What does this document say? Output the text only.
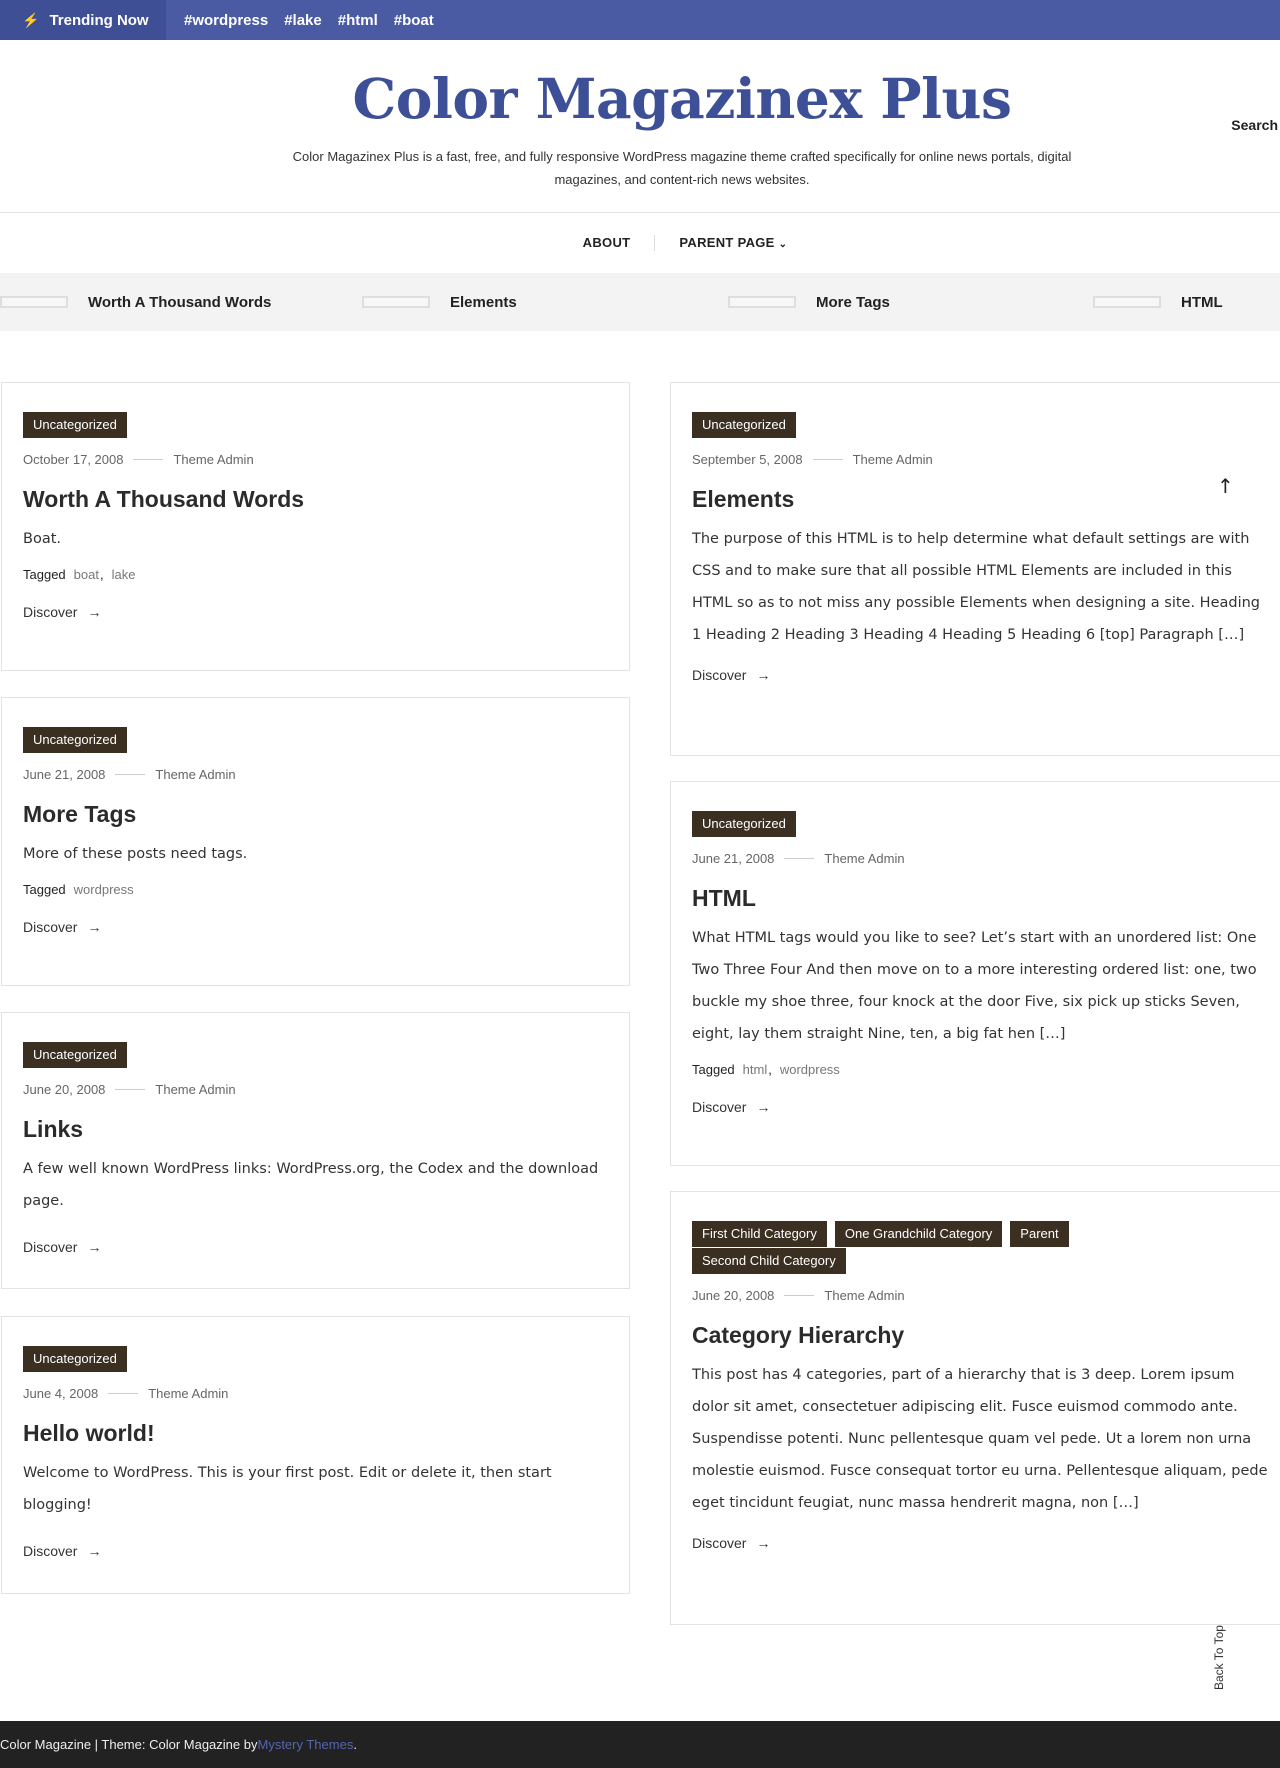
⚡ Trending Now #wordpress #lake #html #boat
Color Magazinex Plus
Color Magazinex Plus is a fast, free, and fully responsive WordPress magazine theme crafted specifically for online news portals, digital magazines, and content-rich news websites.
Search
ABOUT	PARENT PAGE ⌄
Worth A Thousand Words	Elements	More Tags	HTML
Uncategorized
October 17, 2008	Theme Admin
Worth A Thousand Words
Boat.
Tagged boat , lake
Discover →
Uncategorized
June 21, 2008	Theme Admin
More Tags
More of these posts need tags.
Tagged wordpress
Discover →
Uncategorized
June 20, 2008	Theme Admin
Links
A few well known WordPress links: WordPress.org, the Codex and the download page.
Discover →
Uncategorized
June 4, 2008	Theme Admin
Hello world!
Welcome to WordPress. This is your first post. Edit or delete it, then start blogging!
Discover →
Uncategorized
September 5, 2008	Theme Admin
Elements
The purpose of this HTML is to help determine what default settings are with CSS and to make sure that all possible HTML Elements are included in this HTML so as to not miss any possible Elements when designing a site. Heading 1 Heading 2 Heading 3 Heading 4 Heading 5 Heading 6 [top] Paragraph […]
Discover →
Uncategorized
June 21, 2008	Theme Admin
HTML
What HTML tags would you like to see? Let’s start with an unordered list: One Two Three Four And then move on to a more interesting ordered list: one, two buckle my shoe three, four knock at the door Five, six pick up sticks Seven, eight, lay them straight Nine, ten, a big fat hen […]
Tagged html , wordpress
Discover →
First Child Category	One Grandchild Category	Parent
Second Child Category
June 20, 2008	Theme Admin
Category Hierarchy
This post has 4 categories, part of a hierarchy that is 3 deep. Lorem ipsum dolor sit amet, consectetuer adipiscing elit. Fusce euismod commodo ante. Suspendisse potenti. Nunc pellentesque quam vel pede. Ut a lorem non urna molestie euismod. Fusce consequat tortor eu urna. Pellentesque aliquam, pede eget tincidunt feugiat, nunc massa hendrerit magna, non […]
Discover →
↑
Back To Top
Color Magazine | Theme: Color Magazine by Mystery Themes .
